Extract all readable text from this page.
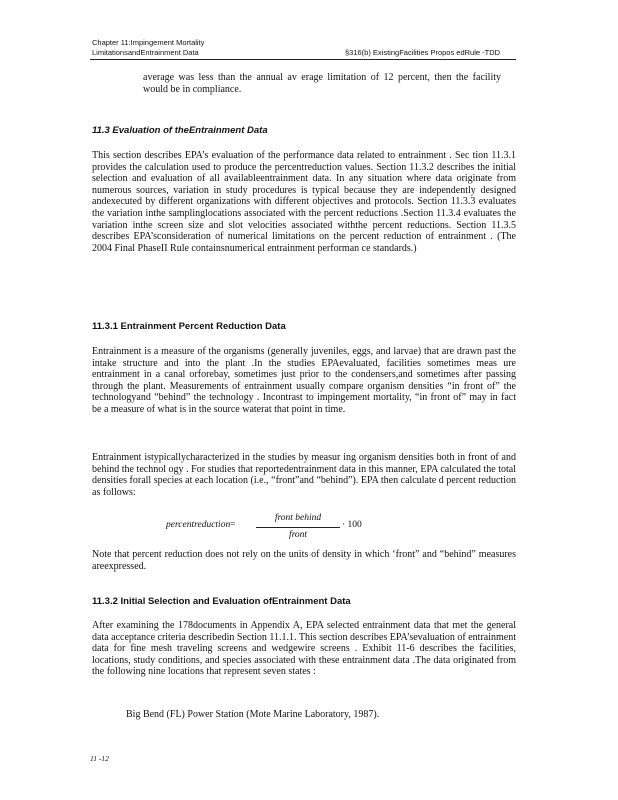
Chapter 11:Impingement Mortality
LimitationsandEntrainment Data	§316(b) ExistingFacilities Propos edRule -TDD
average was less than the annual av erage limitation of 12 percent, then the facility would be in compliance.
11.3 Evaluation of theEntrainment Data
This section describes EPA’s evaluation of the performance data related to entrainment . Sec tion 11.3.1 provides the calculation used to produce the percentreduction values. Section 11.3.2 describes the initial selection and evaluation of all availableentrainment data. In any situation where data originate from numerous sources, variation in study procedures is typical because they are independently designed andexecuted by different organizations with different objectives and protocols. Section 11.3.3 evaluates the variation inthe samplinglocations associated with the percent reductions .Section 11.3.4 evaluates the variation inthe screen size and slot velocities associated withthe percent reductions. Section 11.3.5 describes EPA’sconsideration of numerical limitations on the percent reduction of entrainment . (The 2004 Final PhaseII Rule containsnumerical entrainment performan ce standards.)
11.3.1 Entrainment Percent Reduction Data
Entrainment is a measure of the organisms (generally juveniles, eggs, and larvae) that are drawn past the intake structure and into the plant .In the studies EPAevaluated, facilities sometimes meas ure entrainment in a canal orforebay, sometimes just prior to the condensers,and sometimes after passing through the plant. Measurements of entrainment usually compare organism densities “in front of” the technologyand “behind” the technology . Incontrast to impingement mortality, “in front of” may in fact be a measure of what is in the source waterat that point in time.
Entrainment istypicallycharacterized in the studies by measur ing organism densities both in front of and behind the technol ogy . For studies that reportedentrainment data in this manner, EPA calculated the total densities forall species at each location (i.e., “front”and “behind”). EPA then calculate d percent reduction as follows:
percentreduction =
front behind
front
· 100
Note that percent reduction does not rely on the units of density in which ‘front” and “behind” measures areexpressed.
11.3.2 Initial Selection and Evaluation ofEntrainment Data
After examining the 178documents in Appendix A, EPA selected entrainment data that met the general data acceptance criteria describedin Section 11.1.1. This section describes EPA’sevaluation of entrainment data for fine mesh traveling screens and wedgewire screens . Exhibit 11-6 describes the facilities, locations, study conditions, and species associated with these entrainment data .The data originated from the following nine locations that represent seven states :
Big Bend (FL) Power Station (Mote Marine Laboratory, 1987).
11 -12
